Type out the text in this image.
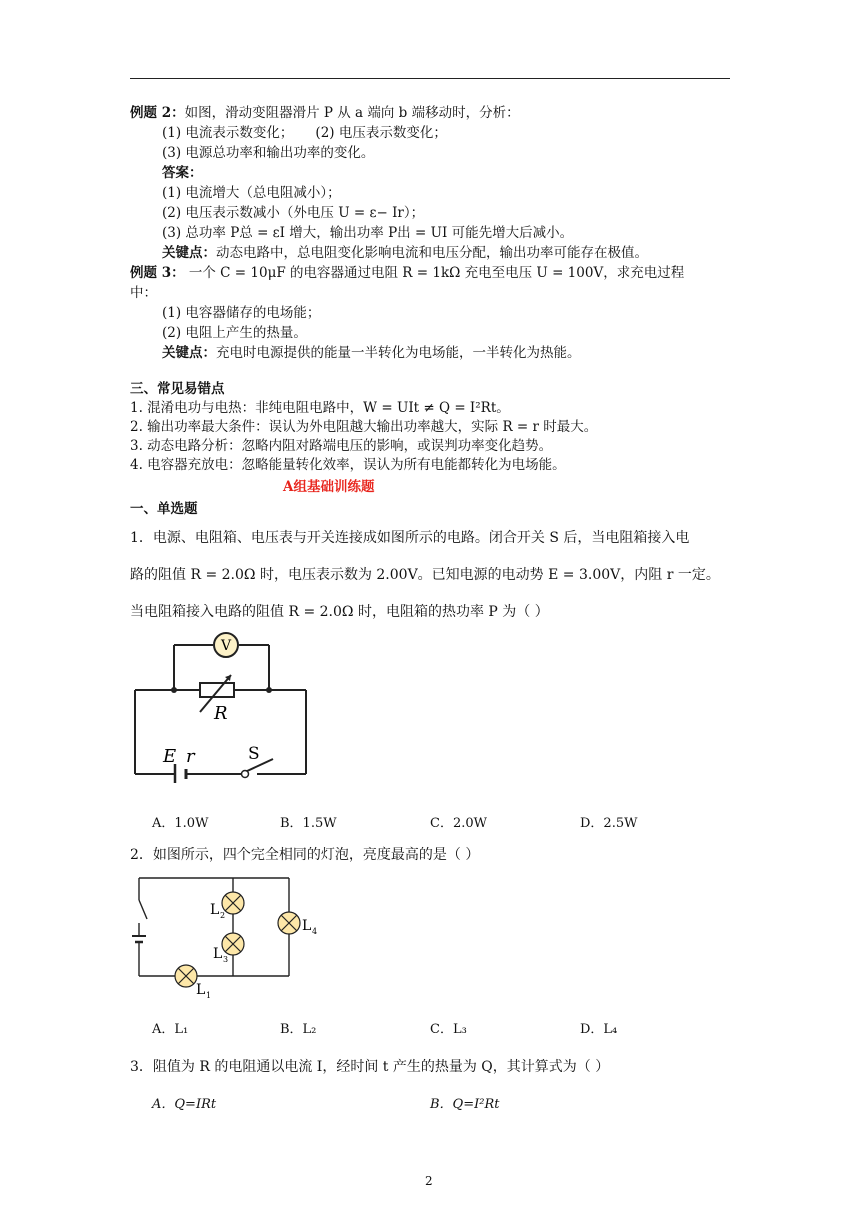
例题 2：如图，滑动变阻器滑片 P 从 a 端向 b 端移动时，分析：
(1) 电流表示数变化； (2) 电压表示数变化；
(3) 电源总功率和输出功率的变化。
答案：
(1) 电流增大（总电阻减小）；
(2) 电压表示数减小（外电压 U = ε− Ir）；
(3) 总功率 P总 = εI 增大，输出功率 P出 = UI 可能先增大后减小。
关键点：动态电路中，总电阻变化影响电流和电压分配，输出功率可能存在极值。
例题 3： 一个 C = 10μF 的电容器通过电阻 R = 1kΩ 充电至电压 U = 100V，求充电过程
中：
(1) 电容器储存的电场能；
(2) 电阻上产生的热量。
关键点：充电时电源提供的能量一半转化为电场能，一半转化为热能。
三、常见易错点
1. 混淆电功与电热：非纯电阻电路中，W = UIt ≠ Q = I²Rt。
2. 输出功率最大条件：误认为外电阻越大输出功率越大，实际 R = r 时最大。
3. 动态电路分析：忽略内阻对路端电压的影响，或误判功率变化趋势。
4. 电容器充放电：忽略能量转化效率，误认为所有电能都转化为电场能。
A组基础训练题
一、单选题
1．电源、电阻箱、电压表与开关连接成如图所示的电路。闭合开关 S 后，当电阻箱接入电
路的阻值 R = 2.0Ω 时，电压表示数为 2.00V。已知电源的电动势 E = 3.00V，内阻 r 一定。
当电阻箱接入电路的阻值 R = 2.0Ω 时，电阻箱的热功率 P 为（ ）
V
R
E r	S
A．1.0W	B．1.5W	C．2.0W	D．2.5W
2．如图所示，四个完全相同的灯泡，亮度最高的是（ ）
L 2
L 3
L 4
L 1
A．L₁	B．L₂	C．L₃	D．L₄
3．阻值为 R 的电阻通以电流 I，经时间 t 产生的热量为 Q，其计算式为（ ）
A．Q=IRt	B．Q=I²Rt
2
